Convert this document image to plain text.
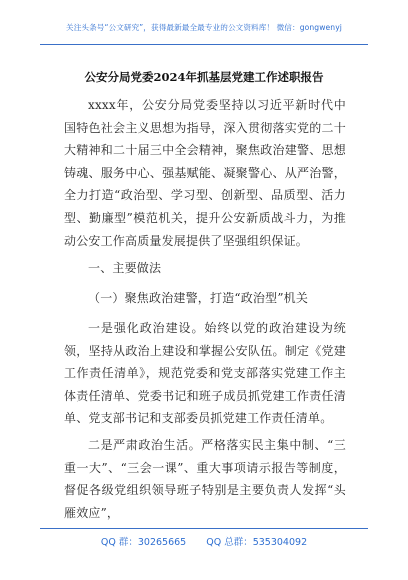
关注头条号“公文研究”，获得最新最全最专业的公文资料库！ 微信：gongwenyj
公安分局党委2024年抓基层党建工作述职报告
xxxx年，公安分局党委坚持以习近平新时代中国特色社会主义思想为指导，深入贯彻落实党的二十大精神和二十届三中全会精神，聚焦政治建警、思想铸魂、服务中心、强基赋能、凝聚警心、从严治警，全力打造“政治型、学习型、创新型、品质型、活力型、勤廉型”模范机关，提升公安新质战斗力，为推动公安工作高质量发展提供了坚强组织保证。
一、主要做法
（一）聚焦政治建警，打造“政治型”机关
一是强化政治建设。始终以党的政治建设为统领，坚持从政治上建设和掌握公安队伍。制定《党建工作责任清单》，规范党委和党支部落实党建工作主体责任清单、党委书记和班子成员抓党建工作责任清单、党支部书记和支部委员抓党建工作责任清单。
二是严肃政治生活。严格落实民主集中制、“三重一大”、“三会一课”、重大事项请示报告等制度，督促各级党组织领导班子特别是主要负责人发挥“头雁效应”，
QQ 群：30265665 QQ 总群：535304092
